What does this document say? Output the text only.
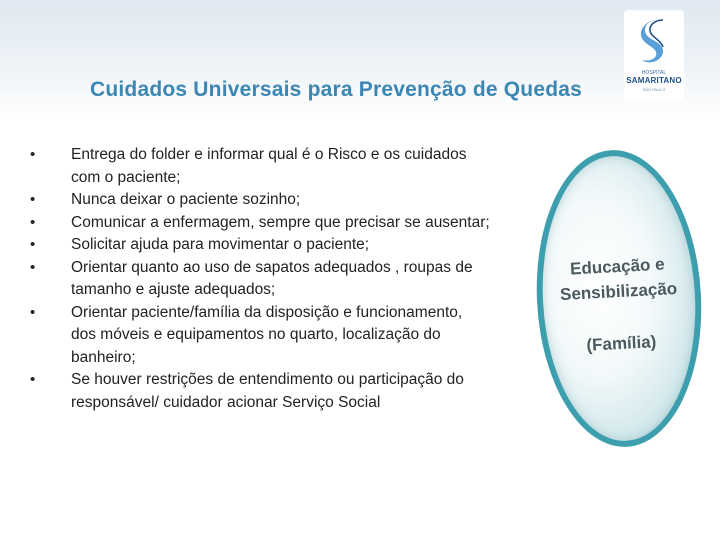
Cuidados Universais para Prevenção de Quedas
HOSPITAL
SAMARITANO
SÃO PAULO
• Entrega do folder e informar qual é o Risco e os cuidados com o paciente;
• Nunca deixar o paciente sozinho;
• Comunicar a enfermagem, sempre que precisar se ausentar;
• Solicitar ajuda para movimentar o paciente;
• Orientar quanto ao uso de sapatos adequados , roupas de tamanho e ajuste adequados;
• Orientar paciente/família da disposição e funcionamento, dos móveis e equipamentos no quarto, localização do banheiro;
• Se houver restrições de entendimento ou participação do responsável/ cuidador acionar Serviço Social
Educação e
Sensibilização
(Família)
